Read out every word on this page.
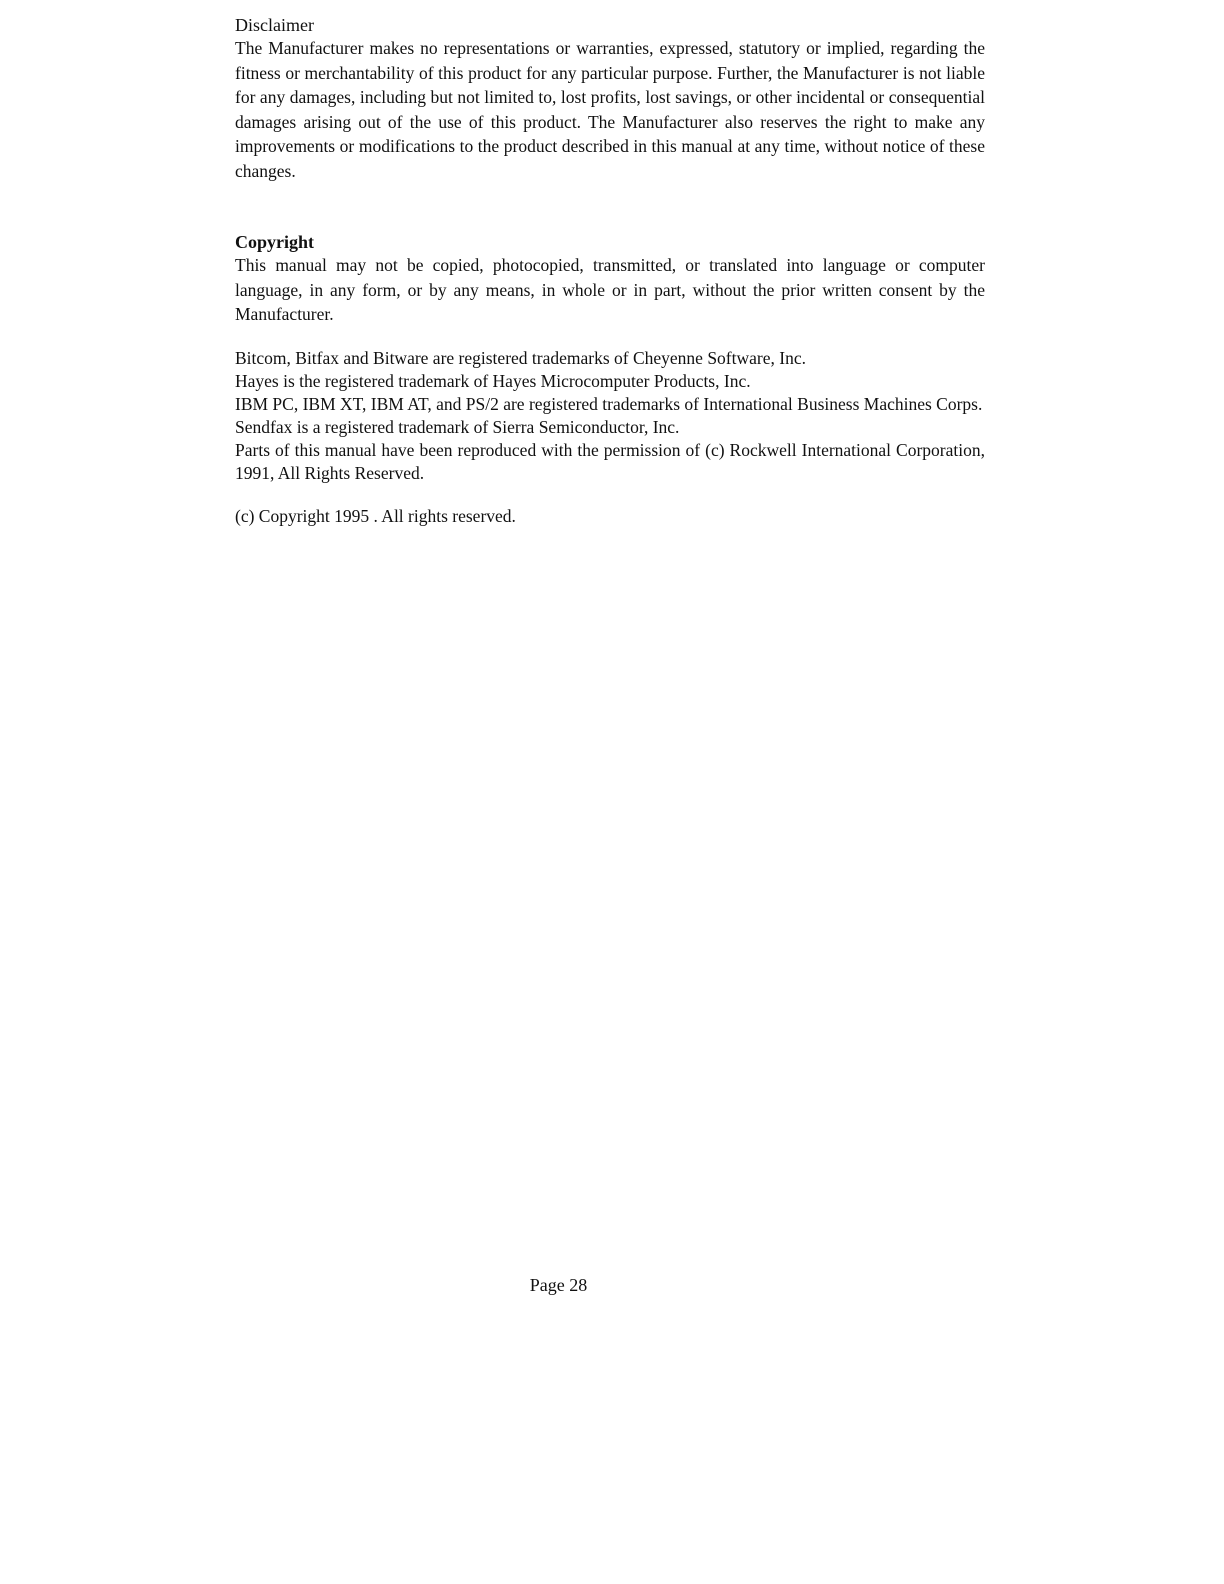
Disclaimer

The Manufacturer makes no representations or warranties, expressed, statutory or implied, regarding the fitness or merchantability of this product for any particular purpose. Further, the Manufacturer is not liable for any damages, including but not limited to, lost profits, lost savings, or other incidental or consequential damages arising out of the use of this product. The Manufacturer also reserves the right to make any improvements or modifications to the product described in this manual at any time, without notice of these changes.

Copyright

This manual may not be copied, photocopied, transmitted, or translated into language or computer language, in any form, or by any means, in whole or in part, without the prior written consent by the Manufacturer.

Bitcom, Bitfax and Bitware are registered trademarks of Cheyenne Software, Inc.

Hayes is the registered trademark of Hayes Microcomputer Products, Inc.

IBM PC, IBM XT, IBM AT, and PS/2 are registered trademarks of International Business Machines Corps.

Sendfax is a registered trademark of Sierra Semiconductor, Inc.

Parts of this manual have been reproduced with the permission of (c) Rockwell International Corporation, 1991, All Rights Reserved.

(c) Copyright 1995 . All rights reserved.

Page 28
